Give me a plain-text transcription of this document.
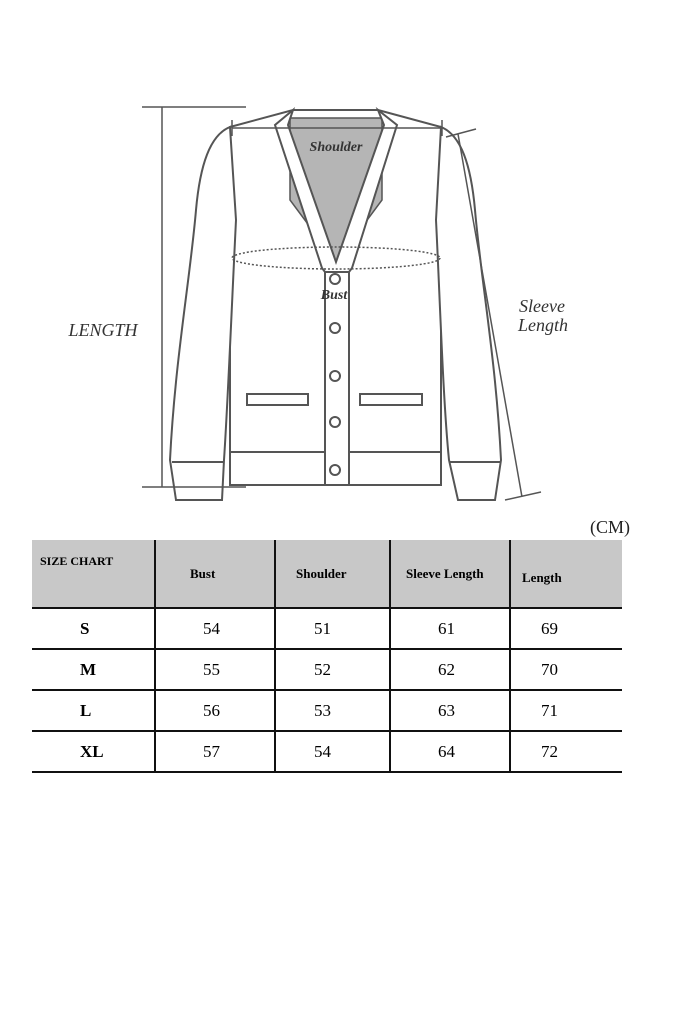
Shoulder
Bust
LENGTH
Sleeve
Length
(CM)
SIZE CHART	Bust	Shoulder	Sleeve Length	Length
S	54	51	61	69
M	55	52	62	70
L	56	53	63	71
XL	57	54	64	72
